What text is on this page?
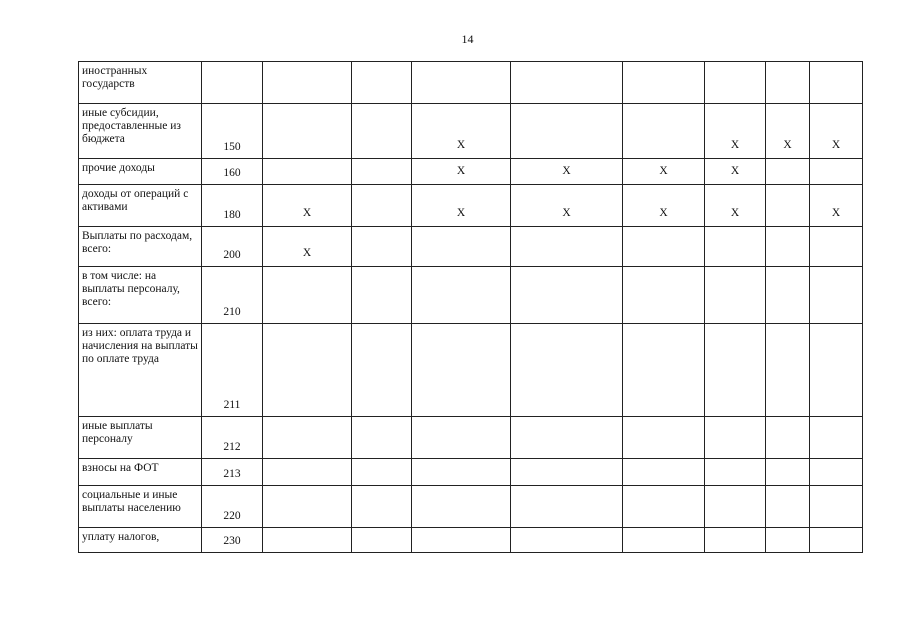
14
иностранных государств									
иные субсидии, предоставленные из бюджета	150			X			X	X	X
прочие доходы	160			X	X	X	X		
доходы от операций с активами	180	X		X	X	X	X		X
Выплаты по расходам, всего:	200	X							
в том числе: на выплаты персоналу, всего:	210								
из них: оплата труда и начисления на выплаты по оплате труда	211								
иные выплаты персоналу	212								
взносы на ФОТ	213								
социальные и иные выплаты населению	220								
уплату налогов,	230								
